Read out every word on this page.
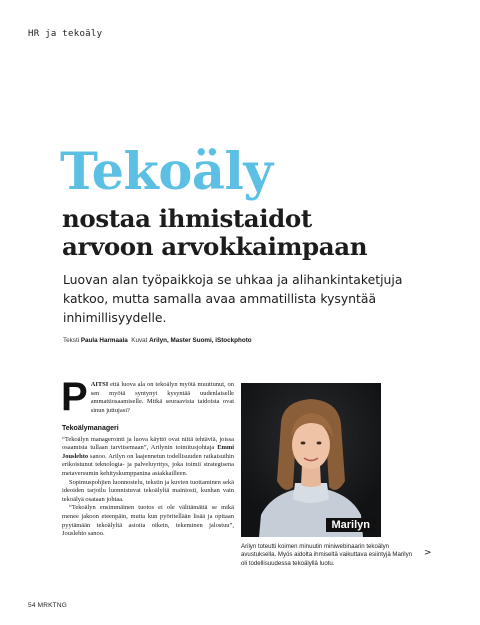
HR ja tekoäly
Tekoäly
nostaa ihmistaidot
arvoon arvokkaimpaan

Luovan alan työpaikkoja se uhkaa ja alihankintaketjuja katkoo, mutta samalla avaa ammatillista kysyntää inhimillisyydelle.

Teksti Paula Harmaala Kuvat Arilyn, Master Suomi, iStockphoto

PAITSI että luova ala on tekoälyn myötä muuttunut, on sen myötä syntynyt kysyntää uudenlaiselle ammattiosaamiselle. Mitkä seuraavista taidoista ovat sinun juttujasi?

Tekoälymanageri

“Tekoälyn managerointi ja luova käyttö ovat niitä tehtäviä, joissa osaamista tullaan tarvitsemaan”, Arilynin toimitusjohtaja Emmi Jouslehto sanoo. Arilyn on laajennetun todellisuuden ratkaisuihin erikoistunut teknologia- ja palveluyritys, joka toimii strategisena metaversumin kehityskumppanina asiakkailleen.

Sopimuspohjien luonnostelu, tekstin ja kuvien tuottaminen sekä ideoiden tarjoilu luonnistuvat tekoälyltä mainiosti, kunhan vain tekoälyä osataan johtaa.

“Tekoälyn ensimmäinen tuotos ei ole välttämättä se mikä menee jakoon eteenpäin, mutta kun pyöritellään lisää ja opitaan pyytämään tekoälyltä asioita oikein, tekeminen jalostuu”, Jouslehto sanoo.

Marilyn

Arilyn toteutti koimen minuutin miniwebinaarin tekoälyn avustuksella. Myös aidolta ihmiseltä vaikuttava esiintyjä Marilyn oli todellisuudessa tekoälyllä luotu.

>
54 MRKTNG
